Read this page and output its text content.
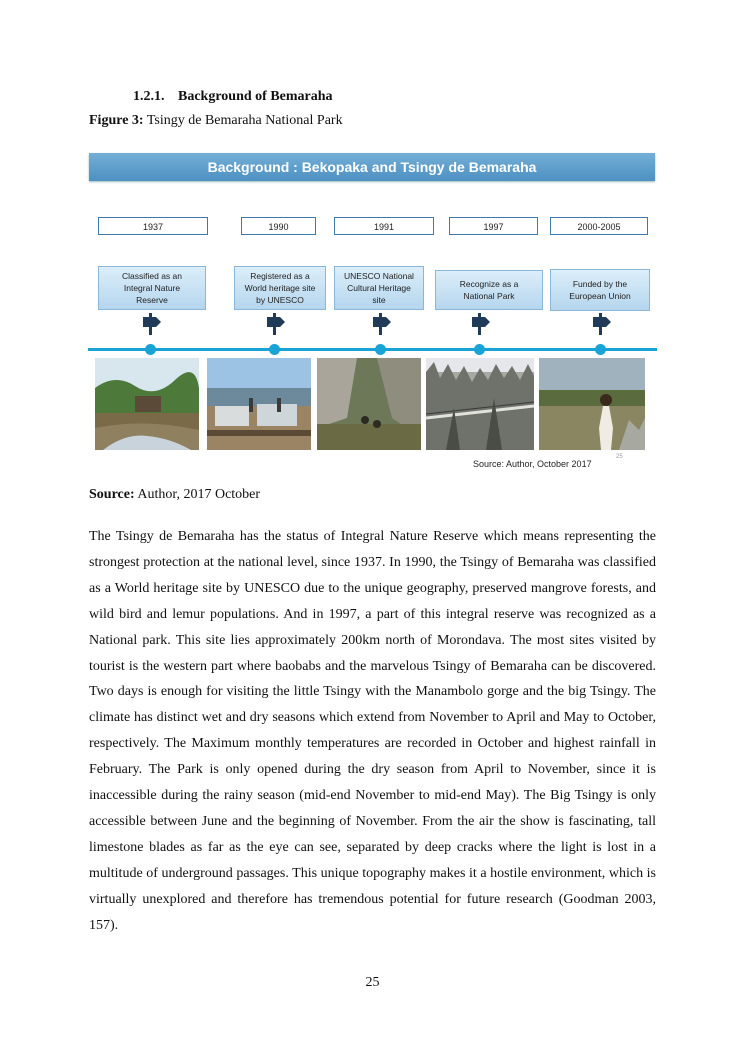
1.2.1. Background of Bemaraha
Figure 3: Tsingy de Bemaraha National Park
Background : Bekopaka and Tsingy de Bemaraha
1937	1990	1991	1997	2000-2005
Classified as an
Integral Nature
Reserve
Registered as a
World heritage site
by UNESCO
UNESCO National
Cultural Heritage
site
Recognize as a
National Park
Funded by the
European Union
25
Source: Author, October 2017
Source: Author, 2017 October
The Tsingy de Bemaraha has the status of Integral Nature Reserve which means representing the strongest protection at the national level, since 1937. In 1990, the Tsingy of Bemaraha was classified as a World heritage site by UNESCO due to the unique geography, preserved mangrove forests, and wild bird and lemur populations. And in 1997, a part of this integral reserve was recognized as a National park. This site lies approximately 200km north of Morondava. The most sites visited by tourist is the western part where baobabs and the marvelous Tsingy of Bemaraha can be discovered. Two days is enough for visiting the little Tsingy with the Manambolo gorge and the big Tsingy. The climate has distinct wet and dry seasons which extend from November to April and May to October, respectively. The Maximum monthly temperatures are recorded in October and highest rainfall in February. The Park is only opened during the dry season from April to November, since it is inaccessible during the rainy season (mid-end November to mid-end May). The Big Tsingy is only accessible between June and the beginning of November. From the air the show is fascinating, tall limestone blades as far as the eye can see, separated by deep cracks where the light is lost in a multitude of underground passages. This unique topography makes it a hostile environment, which is virtually unexplored and therefore has tremendous potential for future research (Goodman 2003, 157).
25
